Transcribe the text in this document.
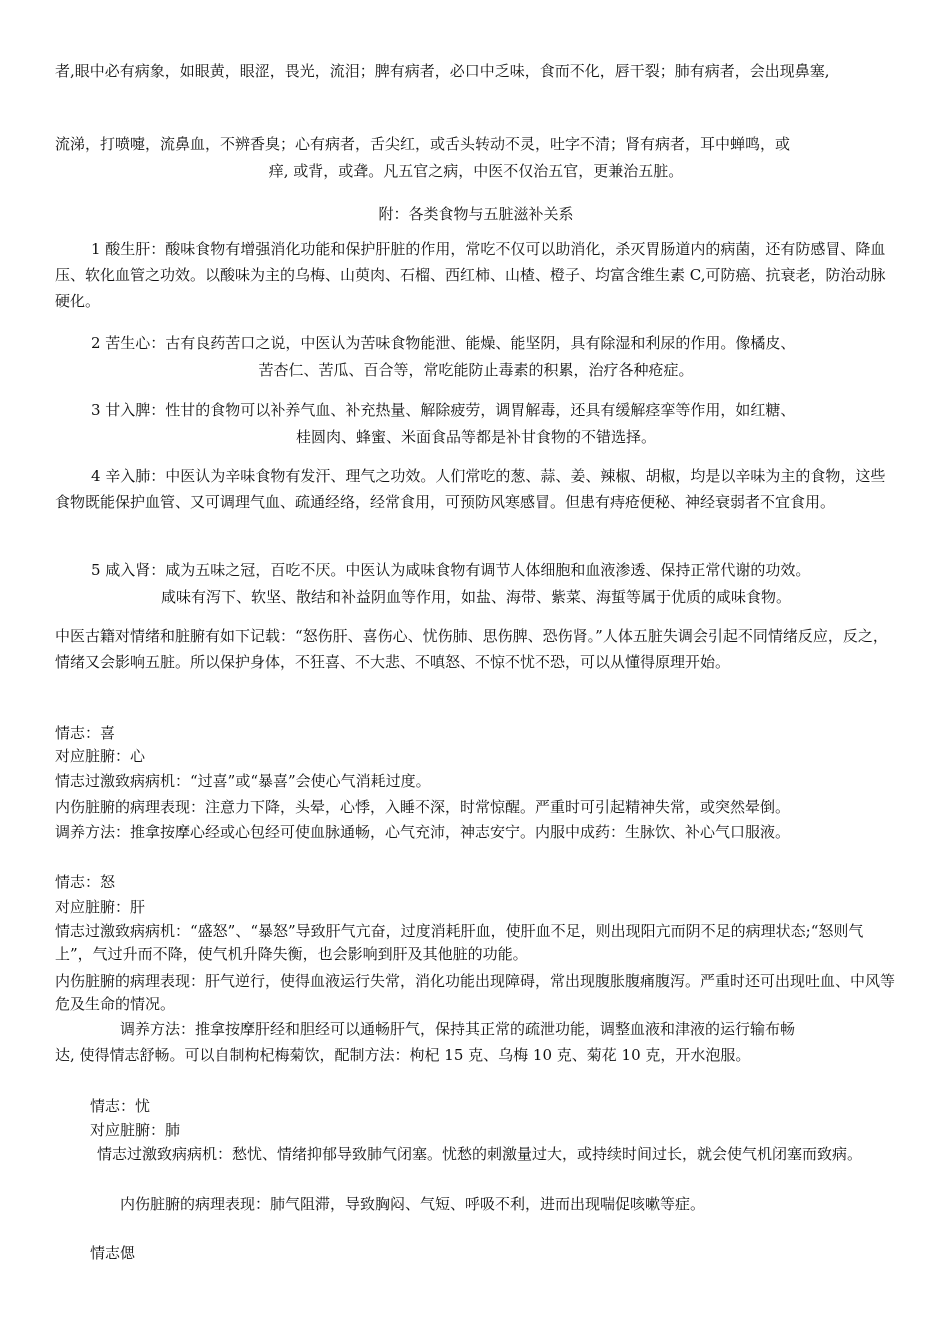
者,眼中必有病象，如眼黄，眼涩，畏光，流泪；脾有病者，必口中乏味，食而不化，唇干裂；肺有病者，会出现鼻塞,

流涕，打喷嚏，流鼻血，不辨香臭；心有病者，舌尖红，或舌头转动不灵，吐字不清；肾有病者，耳中蝉鸣，或

痒, 或背，或聋。凡五官之病，中医不仅治五官，更兼治五脏。

附：各类食物与五脏滋补关系

1 酸生肝：酸味食物有增强消化功能和保护肝脏的作用，常吃不仅可以助消化，杀灭胃肠道内的病菌，还有防感冒、降血压、软化血管之功效。以酸味为主的乌梅、山萸肉、石榴、西红柿、山楂、橙子、均富含维生素 C,可防癌、抗衰老，防治动脉硬化。

2 苦生心：古有良药苦口之说，中医认为苦味食物能泄、能燥、能坚阴，具有除湿和利尿的作用。像橘皮、

苦杏仁、苦瓜、百合等，常吃能防止毒素的积累，治疗各种疮症。

3 甘入脾：性甘的食物可以补养气血、补充热量、解除疲劳，调胃解毒，还具有缓解痉挛等作用，如红糖、

桂圆肉、蜂蜜、米面食品等都是补甘食物的不错选择。

4 辛入肺：中医认为辛味食物有发汗、理气之功效。人们常吃的葱、蒜、姜、辣椒、胡椒，均是以辛味为主的食物，这些食物既能保护血管、又可调理气血、疏通经络，经常食用，可预防风寒感冒。但患有痔疮便秘、神经衰弱者不宜食用。

5 咸入肾：咸为五味之冠，百吃不厌。中医认为咸味食物有调节人体细胞和血液渗透、保持正常代谢的功效。

咸味有泻下、软坚、散结和补益阴血等作用，如盐、海带、紫菜、海蜇等属于优质的咸味食物。

中医古籍对情绪和脏腑有如下记载：“怒伤肝、喜伤心、忧伤肺、思伤脾、恐伤肾。”人体五脏失调会引起不同情绪反应，反之，情绪又会影响五脏。所以保护身体，不狂喜、不大悲、不嗔怒、不惊不忧不恐，可以从懂得原理开始。

情志：喜

对应脏腑：心

情志过激致病病机：“过喜”或“暴喜”会使心气消耗过度。

内伤脏腑的病理表现：注意力下降，头晕，心悸，入睡不深，时常惊醒。严重时可引起精神失常，或突然晕倒。

调养方法：推拿按摩心经或心包经可使血脉通畅，心气充沛，神志安宁。内服中成药：生脉饮、补心气口服液。

情志：怒

对应脏腑：肝

情志过激致病病机：“盛怒”、“暴怒”导致肝气亢奋，过度消耗肝血，使肝血不足，则出现阳亢而阴不足的病理状态;“怒则气上”，气过升而不降，使气机升降失衡，也会影响到肝及其他脏的功能。

内伤脏腑的病理表现：肝气逆行，使得血液运行失常，消化功能出现障碍，常出现腹胀腹痛腹泻。严重时还可出现吐血、中风等危及生命的情况。

调养方法：推拿按摩肝经和胆经可以通畅肝气，保持其正常的疏泄功能，调整血液和津液的运行输布畅

达, 使得情志舒畅。可以自制枸杞梅菊饮，配制方法：枸杞 15 克、乌梅 10 克、菊花 10 克，开水泡服。

情志：忧

对应脏腑：肺

情志过激致病病机：愁忧、情绪抑郁导致肺气闭塞。忧愁的刺激量过大，或持续时间过长，就会使气机闭塞而致病。

内伤脏腑的病理表现：肺气阻滞，导致胸闷、气短、呼吸不利，进而出现喘促咳嗽等症。

情志偲
